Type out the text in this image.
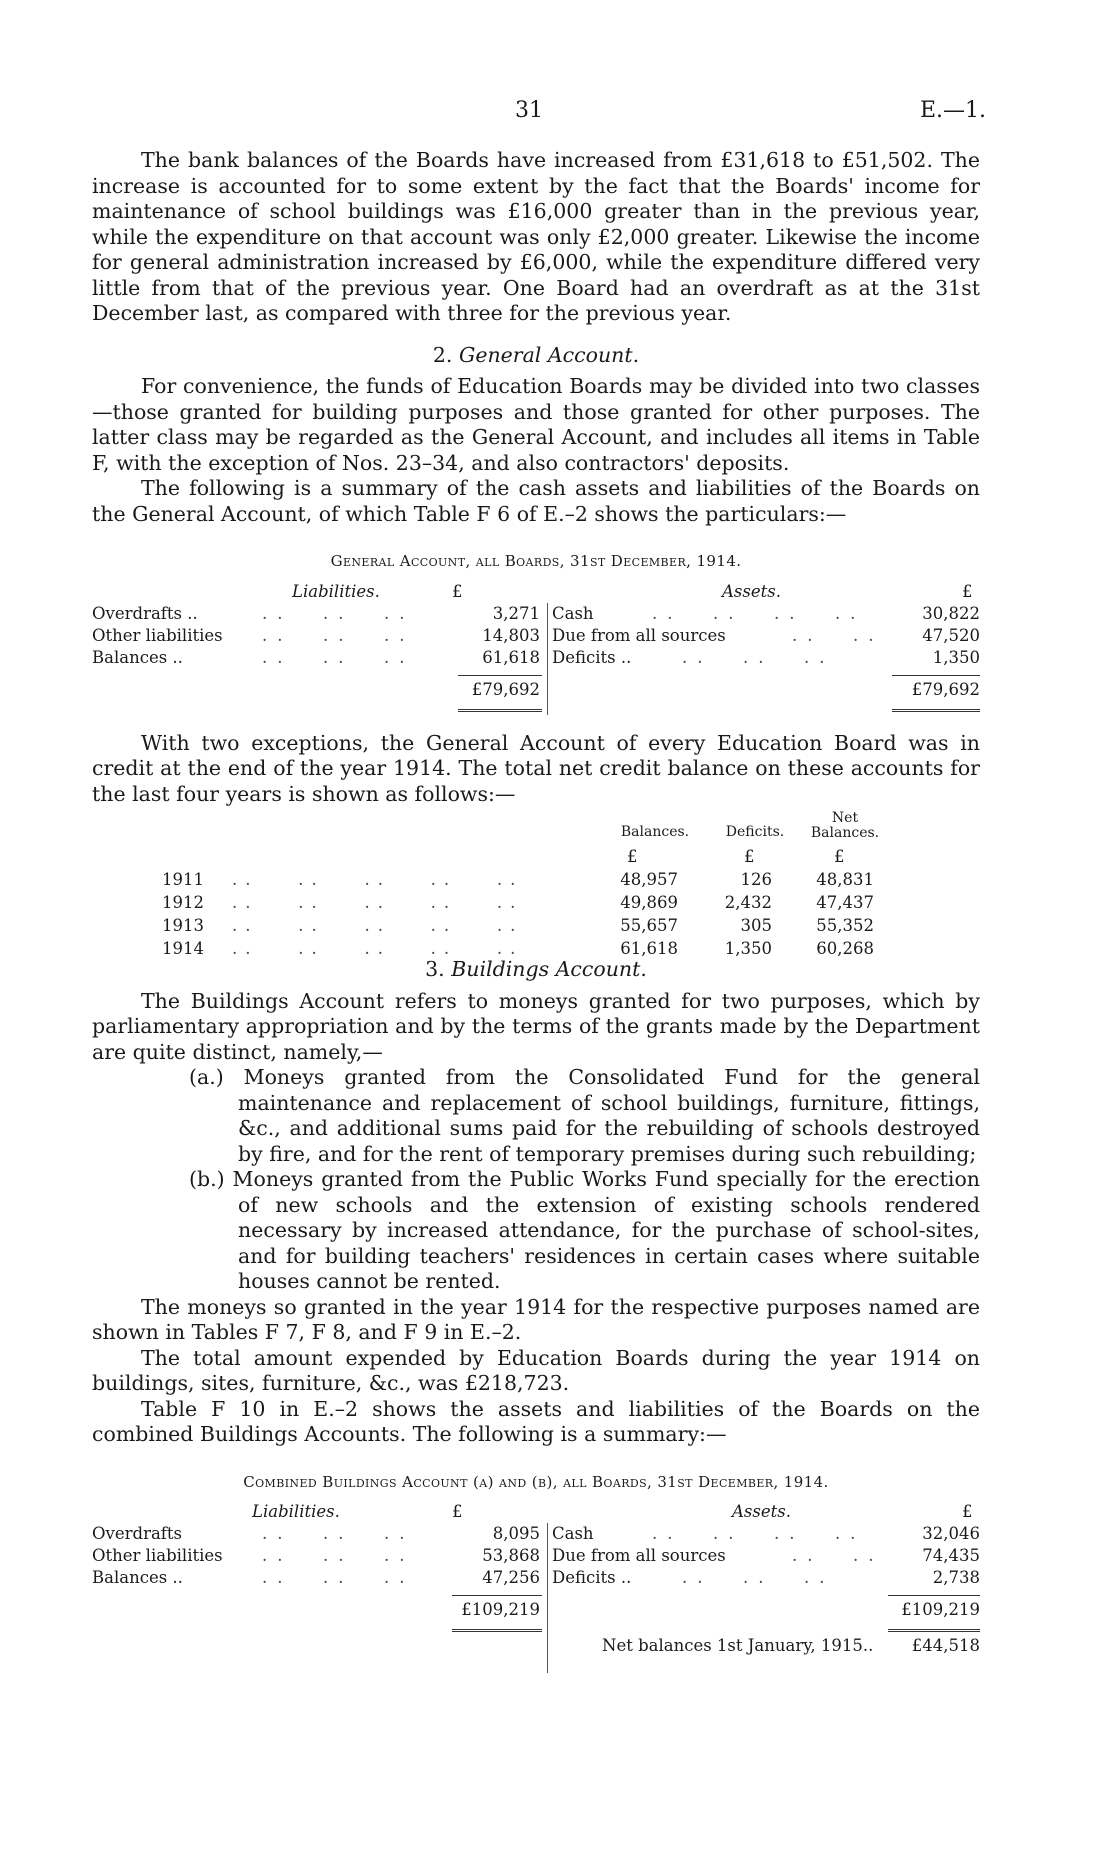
31	E.—1.

The bank balances of the Boards have increased from £31,618 to £51,502. The increase is accounted for to some extent by the fact that the Boards' income for maintenance of school buildings was £16,000 greater than in the previous year, while the expenditure on that account was only £2,000 greater. Likewise the income for general administration increased by £6,000, while the expenditure differed very little from that of the previous year. One Board had an overdraft as at the 31st December last, as compared with three for the previous year.

2. General Account.

For convenience, the funds of Education Boards may be divided into two classes—those granted for building purposes and those granted for other purposes. The latter class may be regarded as the General Account, and includes all items in Table F, with the exception of Nos. 23–34, and also contractors' deposits.

The following is a summary of the cash assets and liabilities of the Boards on the General Account, of which Table F 6 of E.–2 shows the particulars:—

General Account, all Boards, 31st December, 1914.
Liabilities.	£	Assets.	£
Overdrafts ..	..  ..  ..	3,271 Cash	..  ..  ..  ..	30,822
Other liabilities ..  ..  ..	14,803 Due from all sources	..  ..	47,520
Balances ..	..  ..  ..	61,618 Deficits ..	..  ..  ..	1,350
£79,692	£79,692

With two exceptions, the General Account of every Education Board was in credit at the end of the year 1914. The total net credit balance on these accounts for the last four years is shown as follows:—

Balances.	Deficits.
Net Balances.
£	£	£
1911 ..   ..   ..   ..   ..	48,957	126	48,831
1912 ..   ..   ..   ..   ..	49,869	2,432	47,437
1913 ..   ..   ..   ..   ..	55,657	305	55,352
1914 ..   ..   ..   ..   ..	61,618	1,350	60,268
3. Buildings Account.

The Buildings Account refers to moneys granted for two purposes, which by parliamentary appropriation and by the terms of the grants made by the Department are quite distinct, namely,—

(a.) Moneys granted from the Consolidated Fund for the general maintenance and replacement of school buildings, furniture, fittings, &c., and additional sums paid for the rebuilding of schools destroyed by fire, and for the rent of temporary premises during such rebuilding;
(b.) Moneys granted from the Public Works Fund specially for the erection of new schools and the extension of existing schools rendered necessary by increased attendance, for the purchase of school-sites, and for building teachers' residences in certain cases where suitable houses cannot be rented.

The moneys so granted in the year 1914 for the respective purposes named are shown in Tables F 7, F 8, and F 9 in E.–2.

The total amount expended by Education Boards during the year 1914 on buildings, sites, furniture, &c., was £218,723.

Table F 10 in E.–2 shows the assets and liabilities of the Boards on the combined Buildings Accounts. The following is a summary:—

Combined Buildings Account (a) and (b), all Boards, 31st December, 1914.
Liabilities.	£	Assets.	£
Overdrafts	..  ..  ..	8,095 Cash	..  ..  ..  ..	32,046
Other liabilities ..  ..  ..	53,868 Due from all sources	..  ..	74,435
Balances ..	..  ..  ..	47,256 Deficits ..	..  ..  ..	2,738
£109,219	£109,219
Net balances 1st January, 1915..	£44,518
